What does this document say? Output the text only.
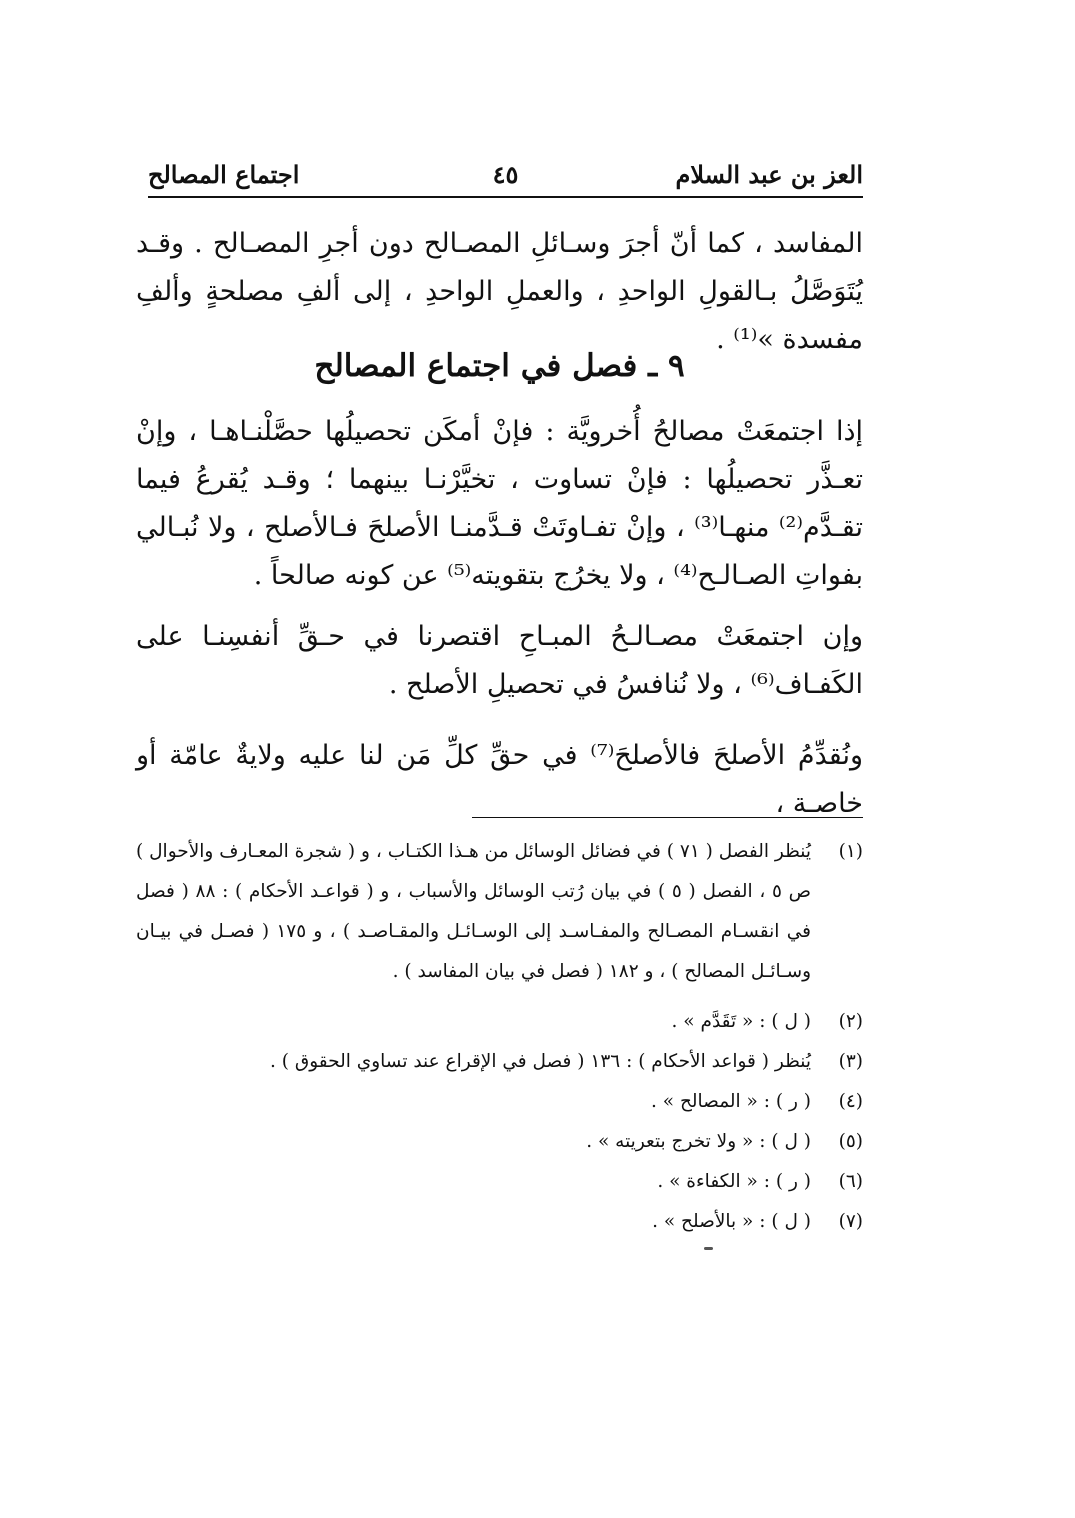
العز بن عبد السلام
٤٥
اجتماع المصالح

المفاسد ، كما أنّ أجرَ وسـائلِ المصـالح دون أجرِ المصـالح . وقـد يُتَوَصَّلُ بـالقولِ الواحدِ ، والعملِ الواحدِ ، إلى ألفِ مصلحةٍ وألفِ مفسدة »⁽¹⁾ .

٩ ـ فصل في اجتماع المصالح

إذا اجتمعَتْ مصالحُ أُخرويَّة : فإنْ أمكَن تحصيلُها حصَّلْنـاهـا ، وإنْ تعـذَّر تحصيلُها : فإنْ تساوت ، تخيَّرْنـا بينهما ؛ وقـد يُقرعُ فيما تقـدَّم⁽²⁾ منهـا⁽³⁾ ، وإنْ تفـاوتَتْ قـدَّمنـا الأصلحَ فـالأصلح ، ولا نُبـالي بفواتِ الصـالـح⁽⁴⁾ ، ولا يخرُج بتقويته⁽⁵⁾ عن كونه صالحاً .

وإن اجتمعَتْ مصـالـحُ المبـاحِ اقتصرنا في حـقِّ أنفسِنـا على الكَفـاف⁽⁶⁾ ، ولا نُنافسُ في تحصيلِ الأصلح .

ونُقدِّمُ الأصلحَ فالأصلحَ⁽⁷⁾ في حقِّ كلِّ مَن لنا عليه ولايةٌ عامّة أو خاصـة ،

(١)
يُنظر الفصل ( ٧١ ) في فضائل الوسائل من هـذا الكتـاب ، و ( شجرة المعـارف والأحوال ) ص ٥ ، الفصل ( ٥ ) في بيان رُتب الوسائل والأسباب ، و ( قواعـد الأحكام ) : ٨٨ ( فصل في انقسـام المصـالح والمفـاسـد إلى الوسـائـل والمقـاصـد ) ، و ١٧٥ ( فصـل في بيـان وسـائـل المصالح ) ، و ١٨٢ ( فصل في بيان المفاسد ) .
(٢)
( ل ) : « تَقَدَّم » .
(٣)
يُنظر ( قواعد الأحكام ) : ١٣٦ ( فصل في الإقراع عند تساوي الحقوق ) .
(٤)
( ر ) : « المصالح » .
(٥)
( ل ) : « ولا تخرج بتعريته » .
(٦)
( ر ) : « الكفاءة » .
(٧)
( ل ) : « بالأصلح » .
